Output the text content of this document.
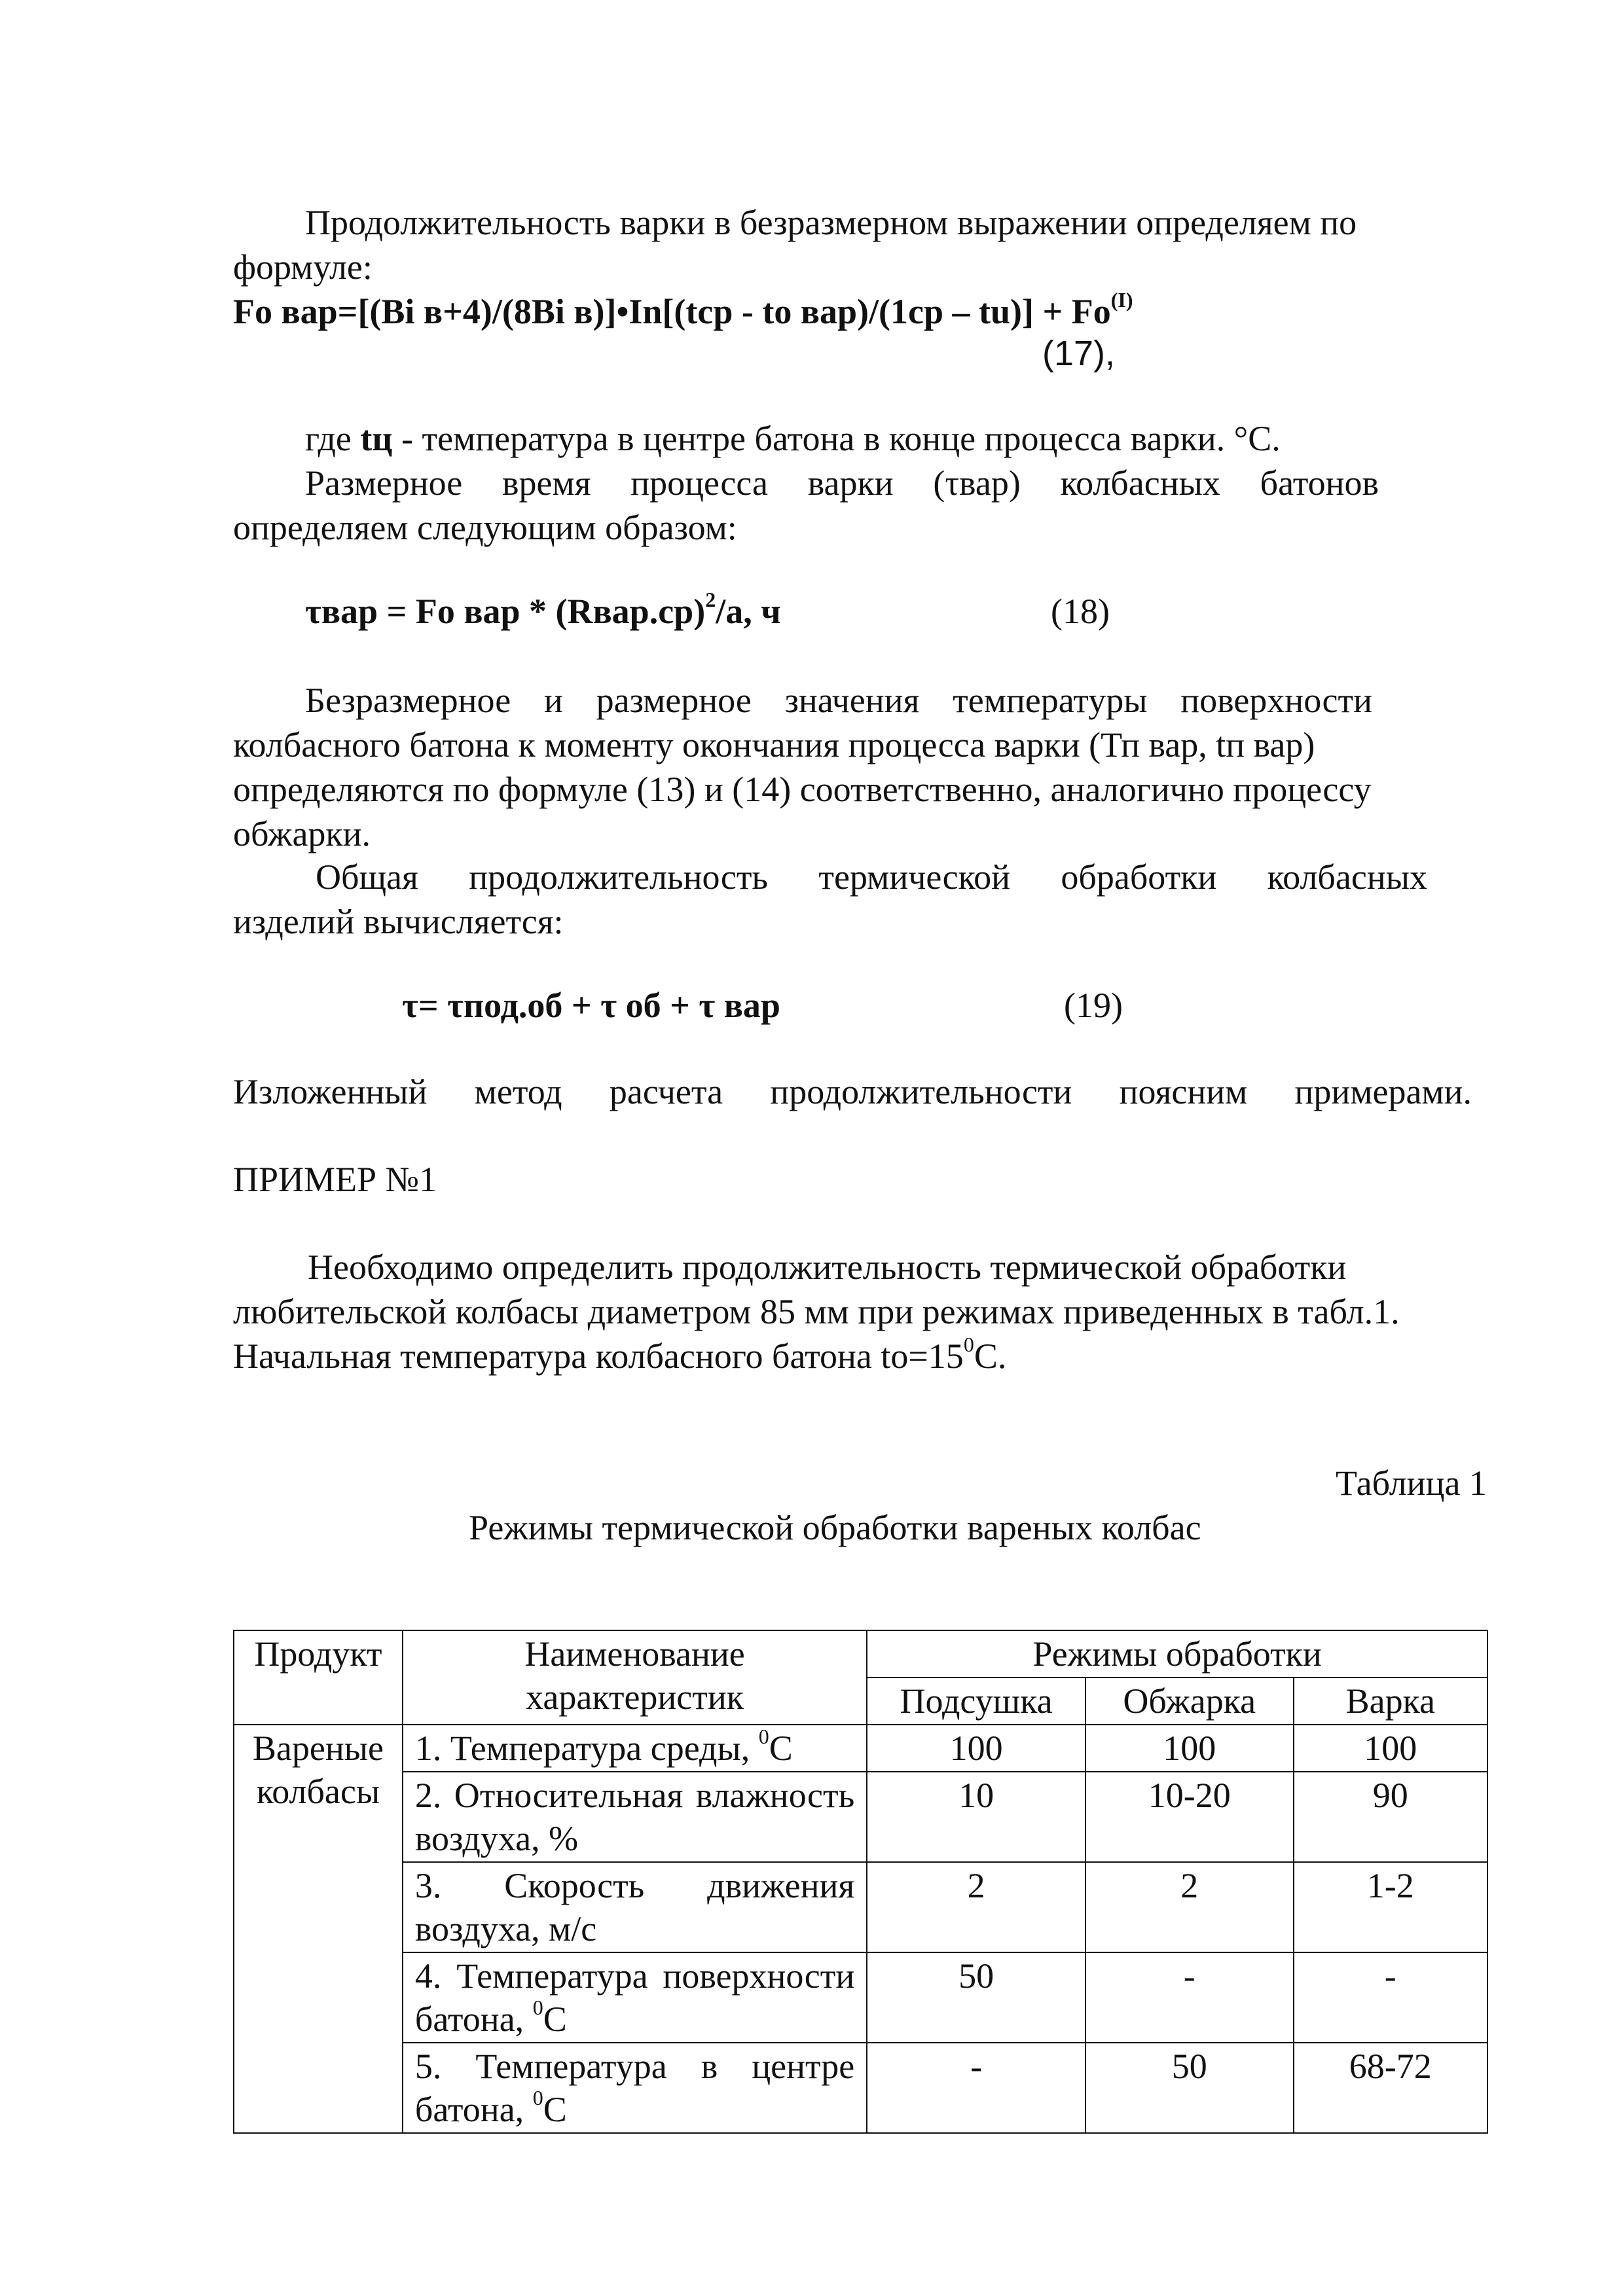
Продолжительность варки в безразмерном выражении определяем по

формуле:

Fo вар=[(Bi в+4)/(8Bi в)]•In[(tср - to $вар)/(1ср - tu)] + Fo^{(I)}$

(17),

где tц - температура в центре батона в конце процесса варки. °С.

Размерное время процесса варки (τвар) колбасных батонов

определяем следующим образом:

τвар = Fo вар * (Rвар.ср)$^2$/а, ч	(18)

Безразмерное и размерное значения температуры поверхности

колбасного батона к моменту окончания процесса варки (Тп вар, tп вар)

определяются по формуле (13) и (14) соответственно, аналогично процессу

обжарки.

Общая продолжительность термической обработки колбасных

изделий вычисляется:

τ= τпод.об + τ об + τ вар	(19)

Изложенный метод расчета продолжительности поясним примерами.

ПРИМЕР №1

Необходимо определить продолжительность термической обработки

любительской колбасы диаметром 85 мм при режимах приведенных в табл.1.

Начальная температура колбасного батона $to=15^0С$.

Таблица 1

Режимы термической обработки вареных колбас

Продукт	Наименование характеристик	Режимы обработки		
		Подсушка	Обжарка	Варка
Вареные колбасы	1. Температура среды, $^0$С	100	100	100
	2. Относительная влажность воздуха, %	10	10-20	90
	3. Скорость движения воздуха, м/с	2	2	1-2
	4. Температура поверхности батона, $^0$С	50	-	-
	5. Температура в центре батона, $^0$С	-	50	68-72
